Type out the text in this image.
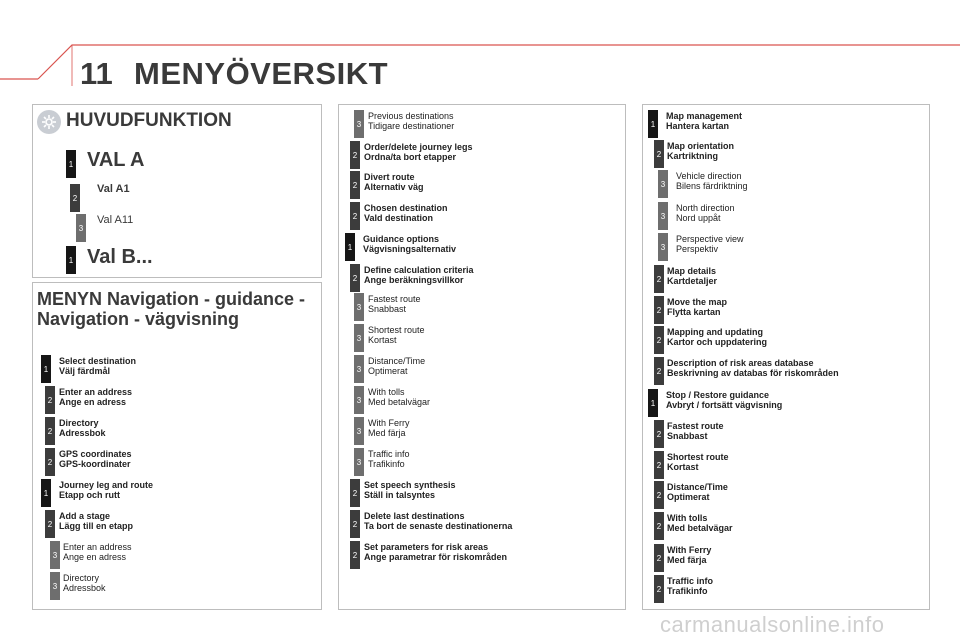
11 MENYÖVERSIKT
HUVUDFUNKTION
1 VAL A
2
Val A1
3
Val A11
1 Val B...
MENYN Navigation - guidance -
Navigation - vägvisning
1
Select destination
Välj färdmål
2
Enter an address
Ange en adress
2
Directory
Adressbok
2
GPS coordinates
GPS-koordinater
1
Journey leg and route
Etapp och rutt
2
Add a stage
Lägg till en etapp
3
Enter an address
Ange en adress
3
Directory
Adressbok
3
Previous destinations
Tidigare destinationer
2
Order/delete journey legs
Ordna/ta bort etapper
2
Divert route
Alternativ väg
2
Chosen destination
Vald destination
1
Guidance options
Vägvisningsalternativ
2
Define calculation criteria
Ange beräkningsvillkor
3
Fastest route
Snabbast
3
Shortest route
Kortast
3
Distance/Time
Optimerat
3
With tolls
Med betalvägar
3
With Ferry
Med färja
3
Traffic info
Trafikinfo
2
Set speech synthesis
Ställ in talsyntes
2
Delete last destinations
Ta bort de senaste destinationerna
2
Set parameters for risk areas
Ange parametrar för riskområden
1
Map management
Hantera kartan
2
Map orientation
Kartriktning
3
Vehicle direction
Bilens färdriktning
3
North direction
Nord uppåt
3
Perspective view
Perspektiv
2
Map details
Kartdetaljer
2
Move the map
Flytta kartan
2
Mapping and updating
Kartor och uppdatering
2
Description of risk areas database
Beskrivning av databas för riskområden
1
Stop / Restore guidance
Avbryt / fortsätt vägvisning
2
Fastest route
Snabbast
2
Shortest route
Kortast
2
Distance/Time
Optimerat
2
With tolls
Med betalvägar
2
With Ferry
Med färja
2
Traffic info
Trafikinfo
carmanualsonline.info
